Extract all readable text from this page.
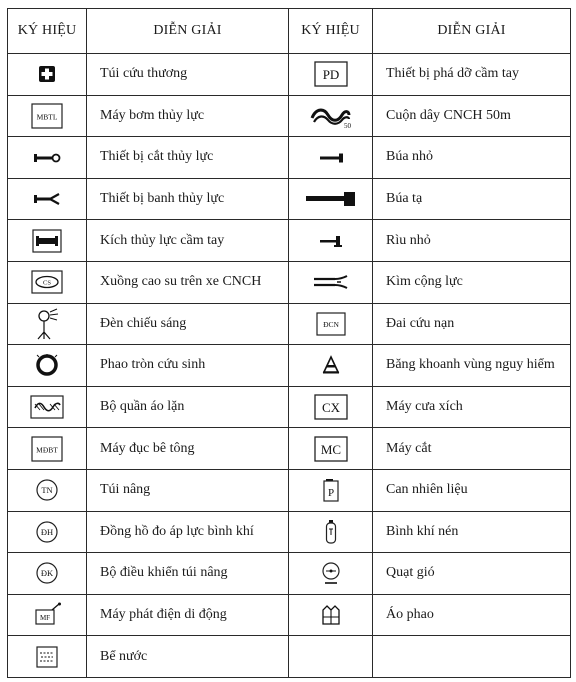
KÝ HIỆU	DIỄN GIẢI	KÝ HIỆU	DIỄN GIẢI
	Túi cứu thương	PD	Thiết bị phá dỡ cầm tay

MBTL	Máy bơm thủy lực	50	Cuộn dây CNCH 50m
	Thiết bị cắt thủy lực		Búa nhỏ
	Thiết bị banh thủy lực		Búa tạ
	Kích thủy lực cầm tay		Rìu nhỏ

CS	Xuồng cao su trên xe CNCH		Kìm cộng lực
	Đèn chiếu sáng	ĐCN	Đai cứu nạn
	Phao tròn cứu sinh		Băng khoanh vùng nguy hiểm
	Bộ quần áo lặn	CX	Máy cưa xích

MĐBT	Máy đục bê tông	MC	Máy cắt

TN	Túi nâng	P	Can nhiên liệu

ĐH	Đồng hồ đo áp lực bình khí		Bình khí nén

ĐK	Bộ điều khiển túi nâng		Quạt gió

MF	Máy phát điện di động		Áo phao
	Bể nước		
